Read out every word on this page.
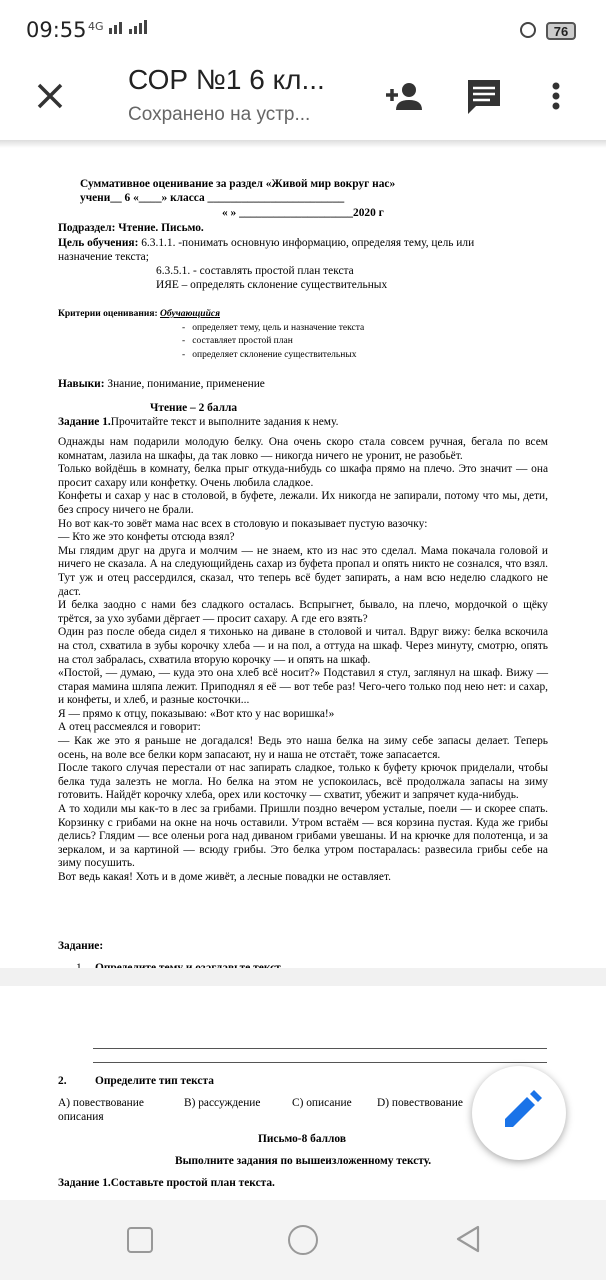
09:55 4G	76
СОР №1 6 кл...
Сохранено на устр...
Суммативное оценивание за раздел «Живой мир вокруг нас»
учени__ 6 «____» класса ________________________
« » ____________________2020 г
Подраздел: Чтение. Письмо.
Цель обучения: 6.3.1.1. -понимать основную информацию, определяя тему, цель или
назначение текста;
6.3.5.1. - составлять простой план текста
ИЯЕ – определять склонение существительных
Критерии оценивания: Обучающийся
-   определяет тему, цель и назначение текста
-   составляет простой план
-   определяет склонение существительных
Навыки: Знание, понимание, применение
Чтение – 2 балла
Задание 1.Прочитайте текст и выполните задания к нему.

Однажды нам подарили молодую белку. Она очень скоро стала совсем ручная, бегала по всем комнатам, лазила на шкафы, да так ловко — никогда ничего не уронит, не разобьёт.

Только войдёшь в комнату, белка прыг откуда-нибудь со шкафа прямо на плечо. Это значит — она просит сахару или конфетку. Очень любила сладкое.

Конфеты и сахар у нас в столовой, в буфете, лежали. Их никогда не запирали, потому что мы, дети, без спросу ничего не брали.

Но вот как-то зовёт мама нас всех в столовую и показывает пустую вазочку:

— Кто же это конфеты отсюда взял?

Мы глядим друг на друга и молчим — не знаем, кто из нас это сделал. Мама покачала головой и ничего не сказала. А на следующийдень сахар из буфета пропал и опять никто не сознался, что взял. Тут уж и отец рассердился, сказал, что теперь всё будет запирать, а нам всю неделю сладкого не даст.

И белка заодно с нами без сладкого осталась. Вспрыгнет, бывало, на плечо, мордочкой о щёку трётся, за ухо зубами дёргает — просит сахару. А где его взять?

Один раз после обеда сидел я тихонько на диване в столовой и читал. Вдруг вижу: белка вскочила на стол, схватила в зубы корочку хлеба — и на пол, а оттуда на шкаф. Через минуту, смотрю, опять на стол забралась, схватила вторую корочку — и опять на шкаф.

«Постой, — думаю, — куда это она хлеб всё носит?» Подставил я стул, заглянул на шкаф. Вижу — старая мамина шляпа лежит. Приподнял я её — вот тебе раз! Чего-чего только под нею нет: и сахар, и конфеты, и хлеб, и разные косточки...

Я — прямо к отцу, показываю: «Вот кто у нас воришка!»

А отец рассмеялся и говорит:

— Как же это я раньше не догадался! Ведь это наша белка на зиму себе запасы делает. Теперь осень, на воле все белки корм запасают, ну и наша не отстаёт, тоже запасается.

После такого случая перестали от нас запирать сладкое, только к буфету крючок приделали, чтобы белка туда залезть не могла. Но белка на этом не успокоилась, всё продолжала запасы на зиму готовить. Найдёт корочку хлеба, орех или косточку — схватит, убежит и запрячет куда-нибудь.

А то ходили мы как-то в лес за грибами. Пришли поздно вечером усталые, поели — и скорее спать. Корзинку с грибами на окне на ночь оставили. Утром встаём — вся корзина пустая. Куда же грибы делись? Глядим — все оленьи рога над диваном грибами увешаны. И на крючке для полотенца, и за зеркалом, и за картиной — всюду грибы. Это белка утром постаралась: развесила грибы себе на зиму посушить.

Вот ведь какая! Хоть и в доме живёт, а лесные повадки не оставляет.

Задание:
2. Определите тип текста
А) повествование	В) рассуждение	С) описание D) повествование
описания
Письмо-8 баллов
Выполните задания по вышеизложенному тексту.
Задание 1.Составьте простой план текста.
